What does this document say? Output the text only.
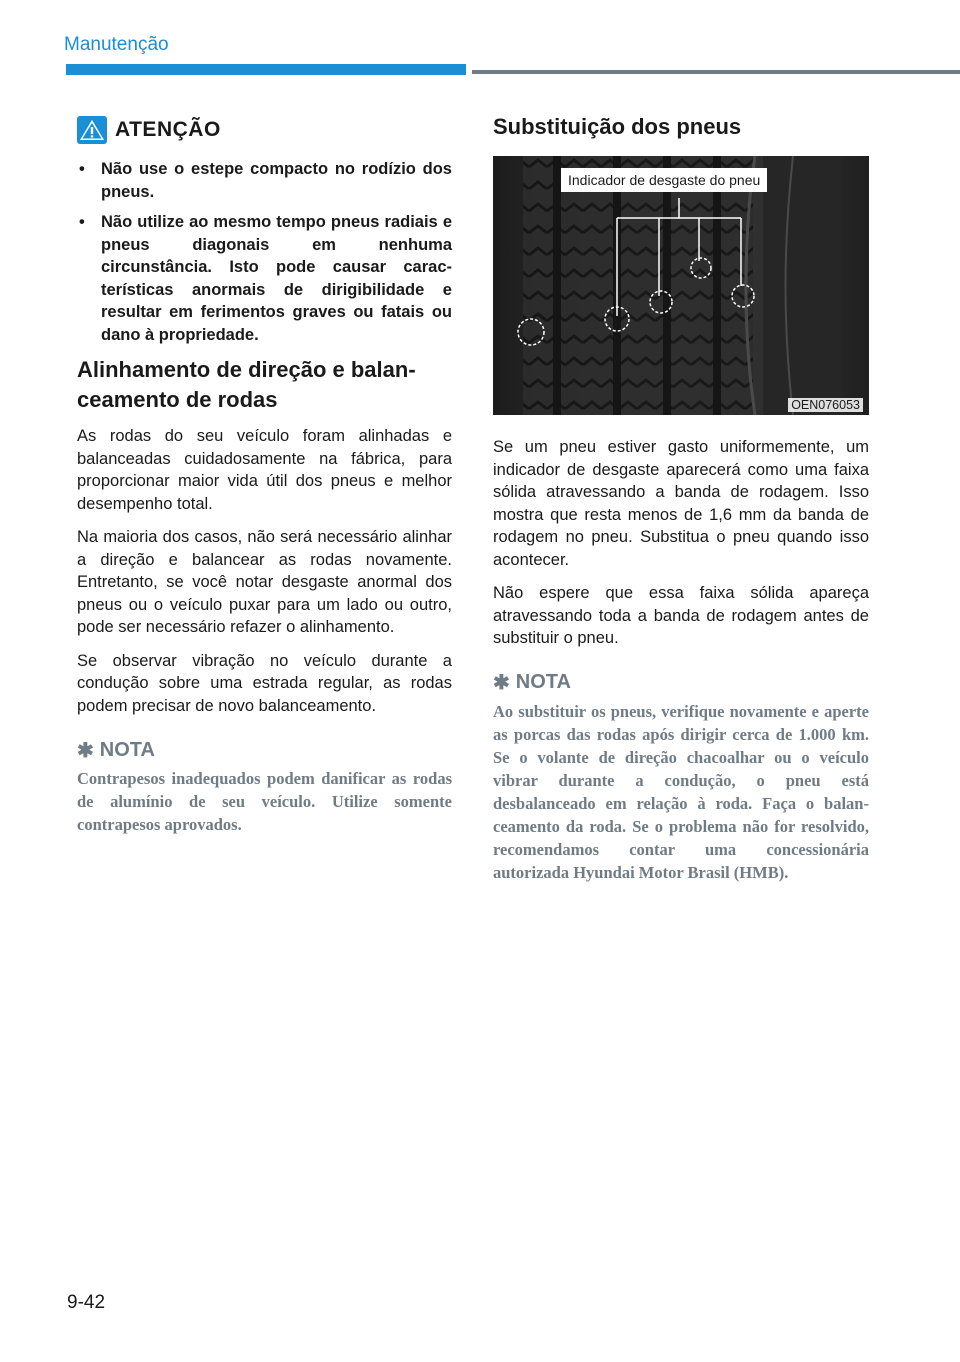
Manutenção
ATENÇÃO
• Não use o estepe compacto no rodízio dos pneus.
• Não utilize ao mesmo tempo pneus radiais e pneus diagonais em nenhuma circunstância. Isto pode causar características anormais de dirigibilidade e resultar em ferimentos graves ou fatais ou dano à propriedade.
Alinhamento de direção e balanceamento de rodas

As rodas do seu veículo foram alinhadas e balanceadas cuidadosamente na fábrica, para proporcionar maior vida útil dos pneus e melhor desempenho total.

Na maioria dos casos, não será necessário alinhar a direção e balancear as rodas novamente. Entretanto, se você notar desgaste anormal dos pneus ou o veículo puxar para um lado ou outro, pode ser necessário refazer o alinhamento.

Se observar vibração no veículo durante a condução sobre uma estrada regular, as rodas podem precisar de novo balanceamento.

✱ NOTA
Contrapesos inadequados podem danificar as rodas de alumínio de seu veículo. Utilize somente contrapesos aprovados.
Substituição dos pneus
Indicador de desgaste do pneu
OEN076053

Se um pneu estiver gasto uniformemente, um indicador de desgaste aparecerá como uma faixa sólida atravessando a banda de rodagem. Isso mostra que resta menos de 1,6 mm da banda de rodagem no pneu. Substitua o pneu quando isso acontecer.

Não espere que essa faixa sólida apareça atravessando toda a banda de rodagem antes de substituir o pneu.

✱ NOTA
Ao substituir os pneus, verifique novamente e aperte as porcas das rodas após dirigir cerca de 1.000 km. Se o volante de direção chacoalhar ou o veículo vibrar durante a condução, o pneu está desbalanceado em relação à roda. Faça o balanceamento da roda. Se o problema não for resolvido, recomendamos contar uma concessionária autorizada Hyundai Motor Brasil (HMB).
9-42
